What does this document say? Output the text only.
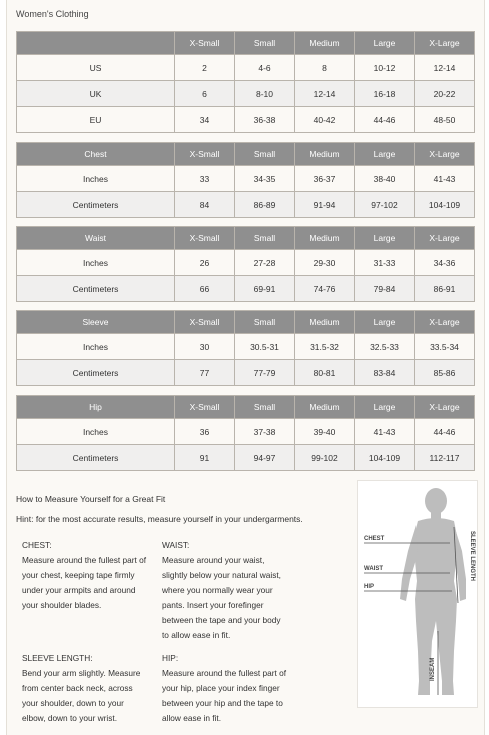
Women's Clothing
	X-Small	Small	Medium	Large	X-Large
US	2	4-6	8	10-12	12-14
UK	6	8-10	12-14	16-18	20-22
EU	34	36-38	40-42	44-46	48-50
Chest	X-Small	Small	Medium	Large	X-Large
Inches	33	34-35	36-37	38-40	41-43
Centimeters	84	86-89	91-94	97-102	104-109
Waist	X-Small	Small	Medium	Large	X-Large
Inches	26	27-28	29-30	31-33	34-36
Centimeters	66	69-91	74-76	79-84	86-91
Sleeve	X-Small	Small	Medium	Large	X-Large
Inches	30	30.5-31	31.5-32	32.5-33	33.5-34
Centimeters	77	77-79	80-81	83-84	85-86
Hip	X-Small	Small	Medium	Large	X-Large
Inches	36	37-38	39-40	41-43	44-46
Centimeters	91	94-97	99-102	104-109	112-117
How to Measure Yourself for a Great Fit
Hint: for the most accurate results, measure yourself in your undergarments.
CHEST:
Measure around the fullest part of
your chest, keeping tape firmly
under your armpits and around
your shoulder blades.
WAIST:
Measure around your waist,
slightly below your natural waist,
where you normally wear your
pants. Insert your forefinger
between the tape and your body
to allow ease in fit.
SLEEVE LENGTH:
Bend your arm slightly. Measure
from center back neck, across
your shoulder, down to your
elbow, down to your wrist.
HIP:
Measure around the fullest part of
your hip, place your index finger
between your hip and the tape to
allow ease in fit.
CHEST
WAIST
HIP
INSEAM
SLEEVE LENGTH
